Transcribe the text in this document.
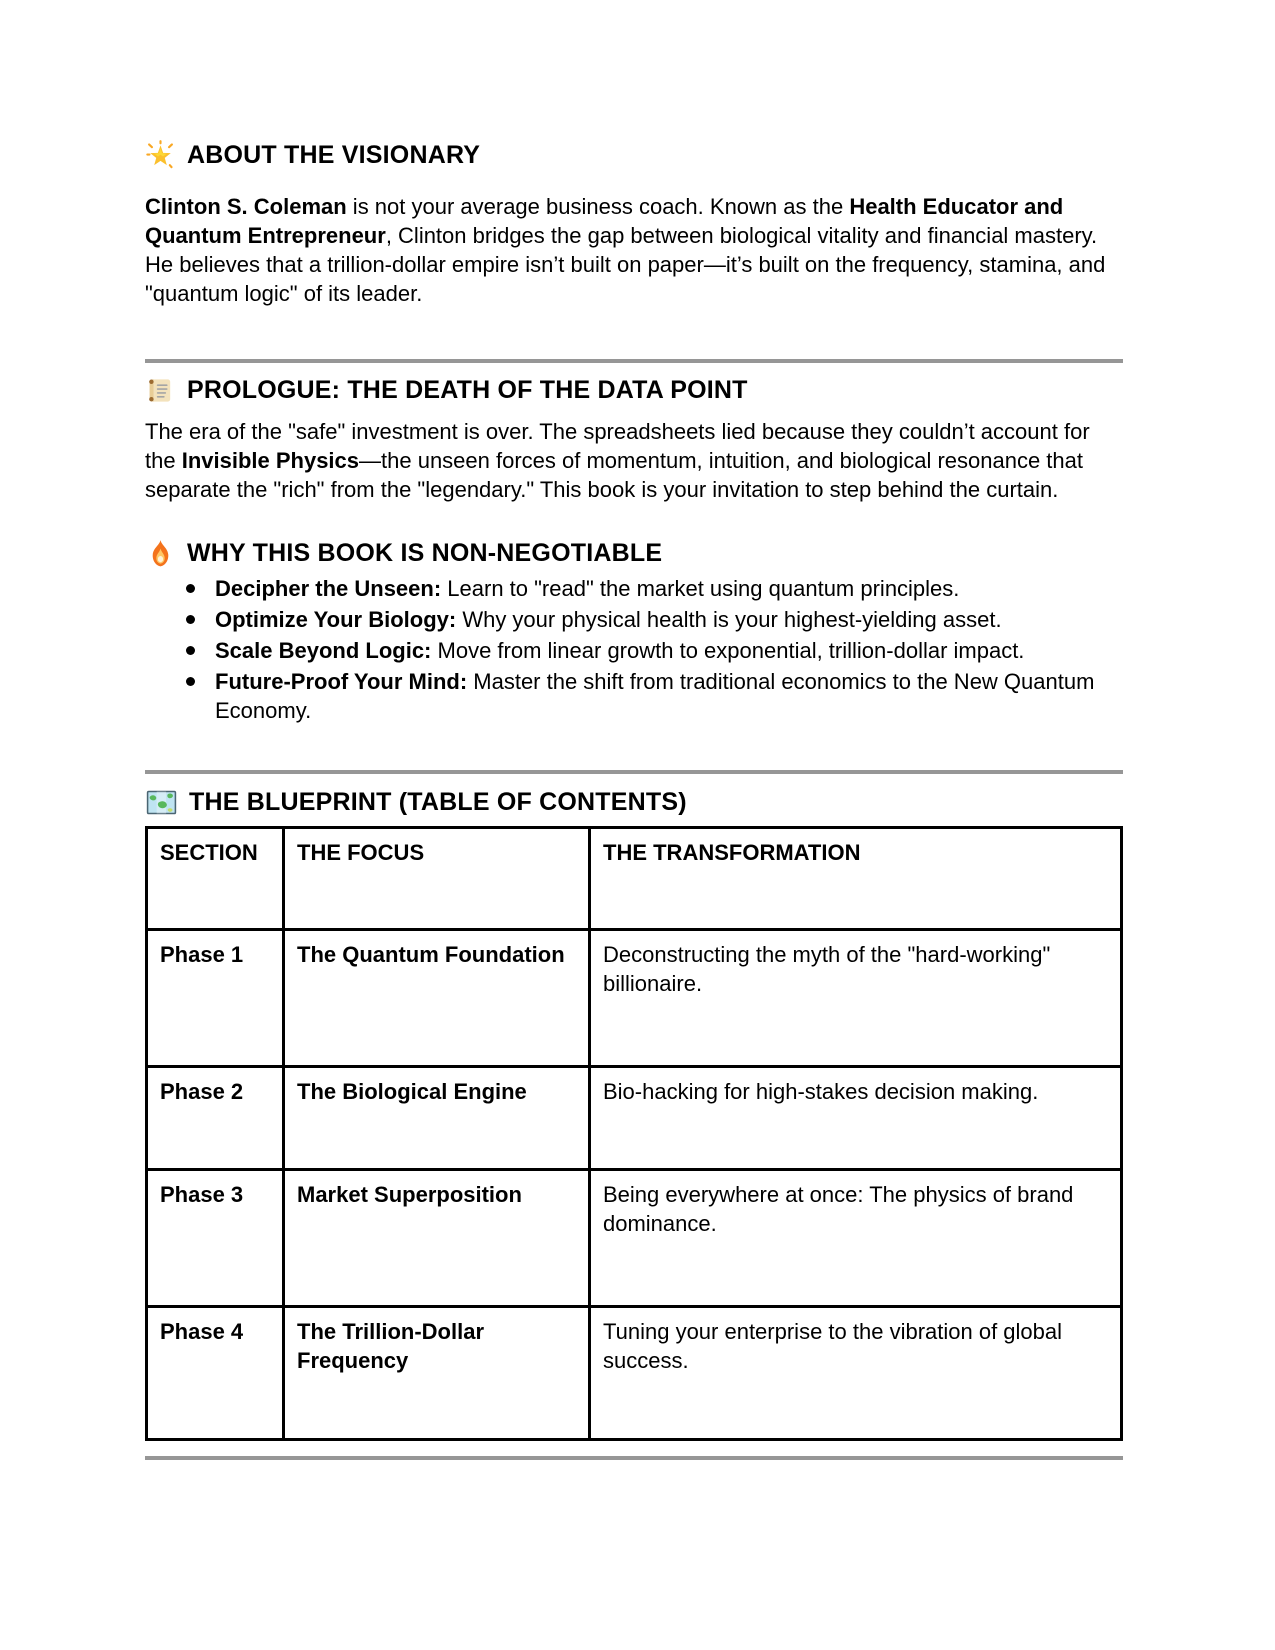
ABOUT THE VISIONARY

Clinton S. Coleman is not your average business coach. Known as the Health Educator and Quantum Entrepreneur, Clinton bridges the gap between biological vitality and financial mastery. He believes that a trillion-dollar empire isn’t built on paper—it’s built on the frequency, stamina, and "quantum logic" of its leader.

PROLOGUE: THE DEATH OF THE DATA POINT

The era of the "safe" investment is over. The spreadsheets lied because they couldn’t account for the Invisible Physics—the unseen forces of momentum, intuition, and biological resonance that separate the "rich" from the "legendary." This book is your invitation to step behind the curtain.

WHY THIS BOOK IS NON-NEGOTIABLE
Decipher the Unseen: Learn to "read" the market using quantum principles.
Optimize Your Biology: Why your physical health is your highest-yielding asset.
Scale Beyond Logic: Move from linear growth to exponential, trillion-dollar impact.
Future-Proof Your Mind: Master the shift from traditional economics to the New Quantum Economy.
THE BLUEPRINT (TABLE OF CONTENTS)
SECTION	THE FOCUS	THE TRANSFORMATION
Phase 1	The Quantum Foundation	Deconstructing the myth of the "hard-working" billionaire.
Phase 2	The Biological Engine	Bio-hacking for high-stakes decision making.
Phase 3	Market Superposition	Being everywhere at once: The physics of brand dominance.
Phase 4	The Trillion-Dollar Frequency	Tuning your enterprise to the vibration of global success.
